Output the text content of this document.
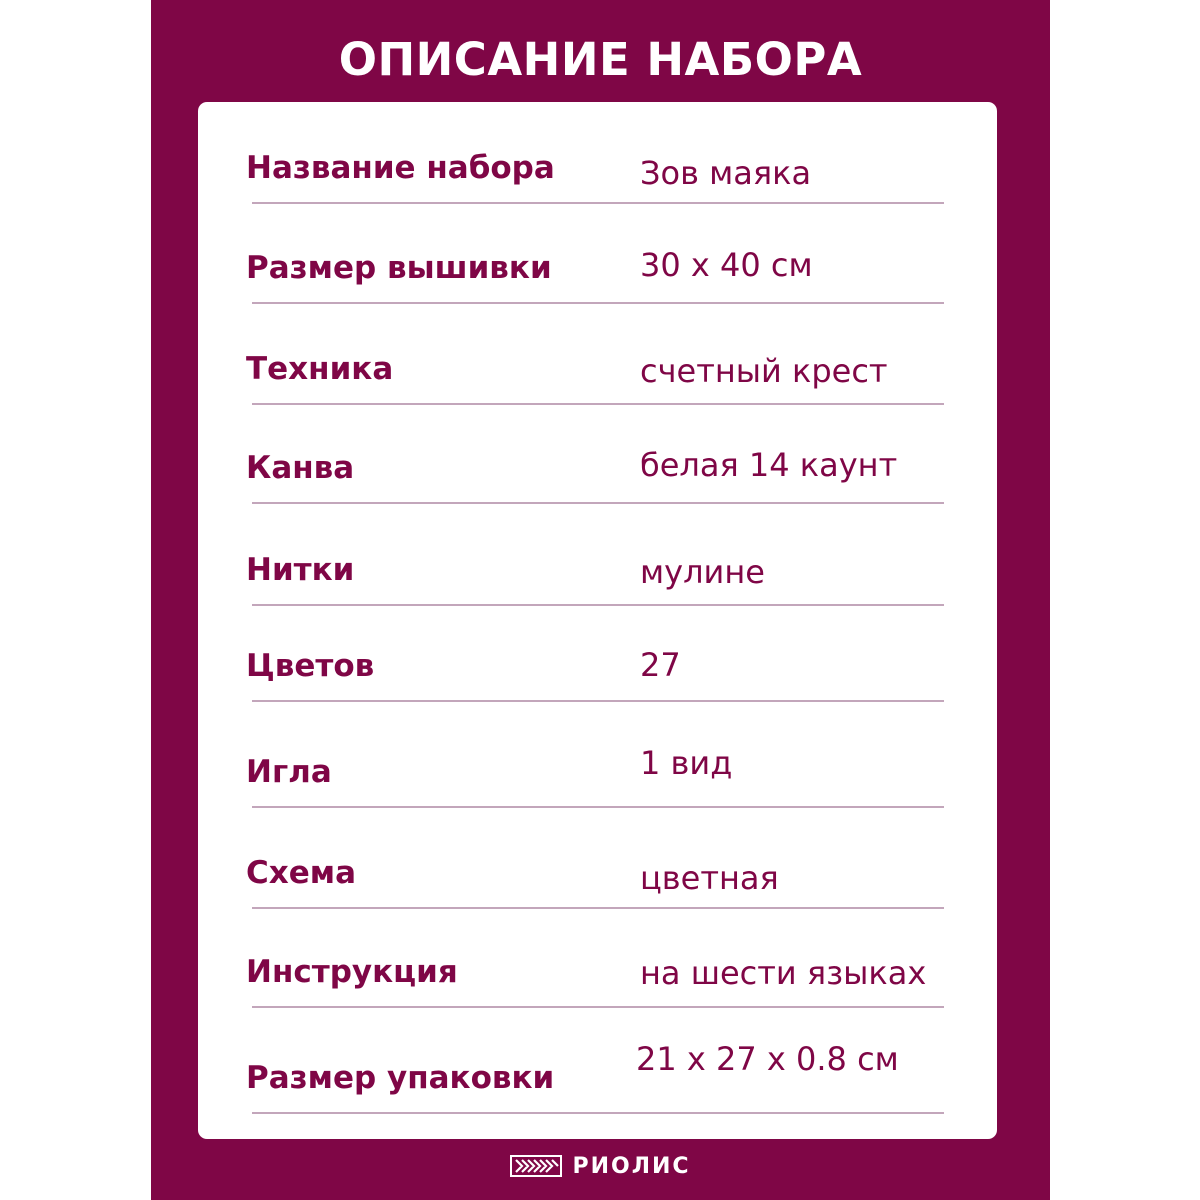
ОПИСАНИЕ НАБОРА
Название набора	Зов маяка
Размер вышивки	30 х 40 см
Техника	счетный крест
Канва	белая 14 каунт
Нитки	мулине
Цветов	27
Игла	1 вид
Схема	цветная
Инструкция	на шести языках
Размер упаковки	21 х 27 х 0.8 см
РИОЛИС
